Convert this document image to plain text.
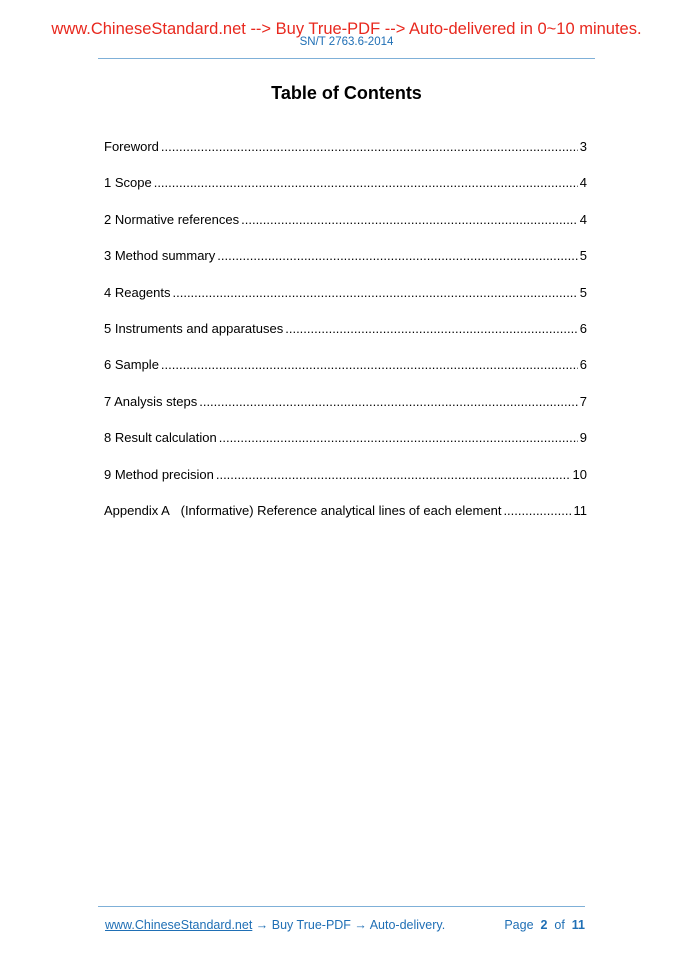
www.ChineseStandard.net --> Buy True-PDF --> Auto-delivered in 0~10 minutes.
SN/T 2763.6-2014
Table of Contents
Foreword .....	3
1 Scope .....	4
2 Normative references .....	4
3 Method summary .....	5
4 Reagents .....	5
5 Instruments and apparatuses .....	6
6 Sample .....	6
7 Analysis steps .....	7
8 Result calculation .....	9
9 Method precision .....	10
Appendix A   (Informative) Reference analytical lines of each element .....	11
www.ChineseStandard.net → Buy True-PDF → Auto-delivery.	Page 2 of 11
